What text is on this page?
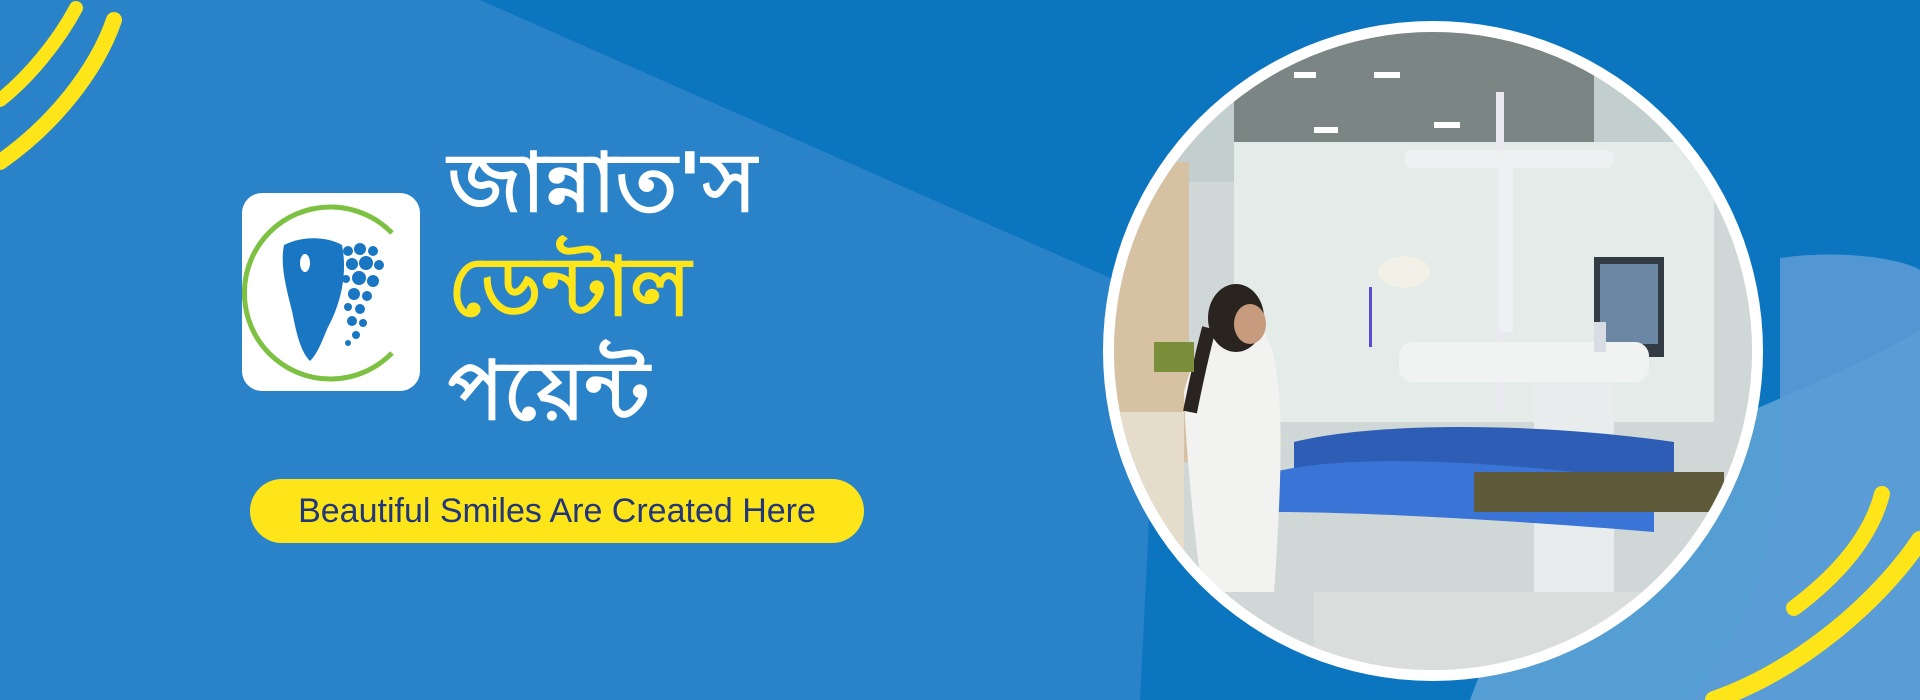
জান্নাত'স
ডেন্টাল
পয়েন্ট
Beautiful Smiles Are Created Here
